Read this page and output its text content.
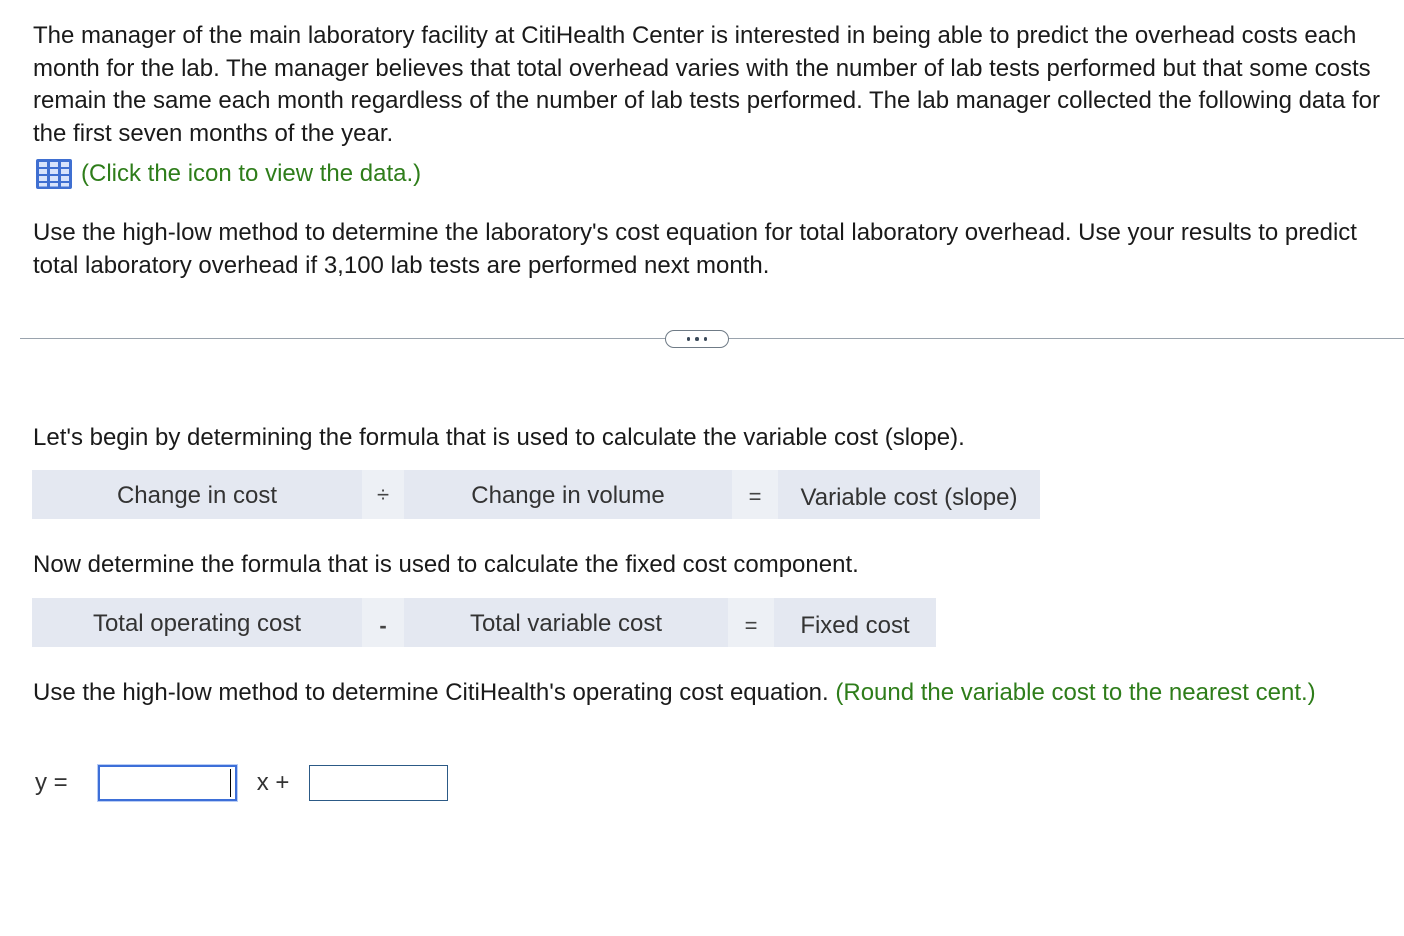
The manager of the main laboratory facility at CitiHealth Center is interested in being able to predict the overhead costs each month for the lab. The manager believes that total overhead varies with the number of lab tests performed but that some costs remain the same each month regardless of the number of lab tests performed. The lab manager collected the following data for the first seven months of the year.

(Click the icon to view the data.)

Use the high-low method to determine the laboratory's cost equation for total laboratory overhead. Use your results to predict total laboratory overhead if 3,100 lab tests are performed next month.

Let's begin by determining the formula that is used to calculate the variable cost (slope).

Change in cost	÷	Change in volume	=	Variable cost (slope)

Now determine the formula that is used to calculate the fixed cost component.

Total operating cost	-	Total variable cost	=	Fixed cost

Use the high-low method to determine CitiHealth's operating cost equation. (Round the variable cost to the nearest cent.)

y =	x +
